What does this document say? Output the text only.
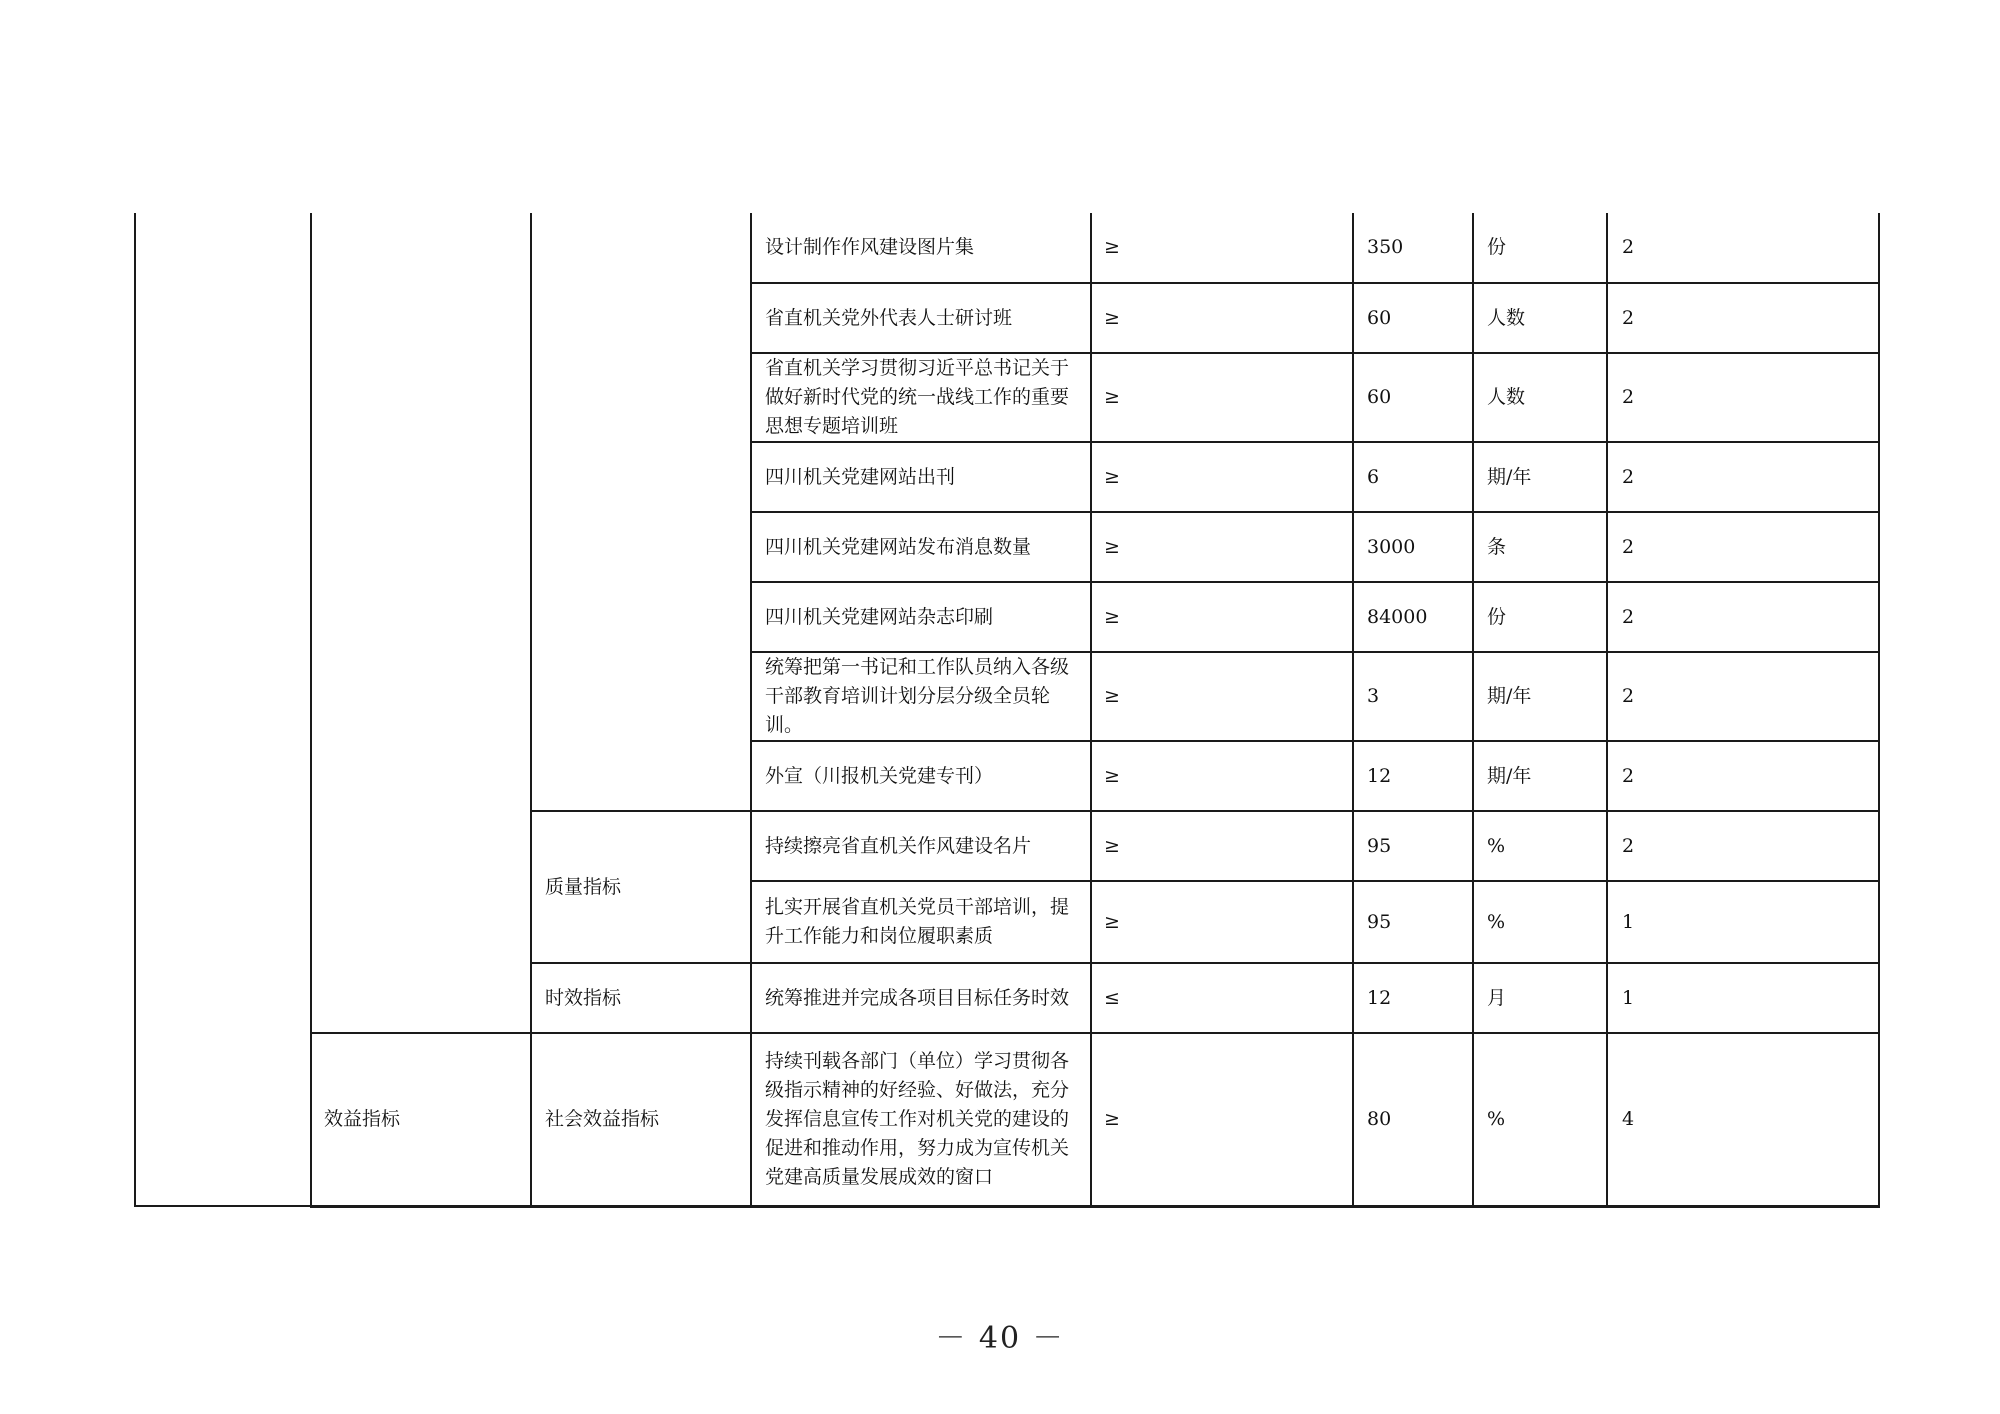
			设计制作作风建设图片集	≥	350	份	2
			省直机关党外代表人士研讨班	≥	60	人数	2
			省直机关学习贯彻习近平总书记关于做好新时代党的统一战线工作的重要思想专题培训班	≥	60	人数	2
			四川机关党建网站出刊	≥	6	期/年	2
			四川机关党建网站发布消息数量	≥	3000	条	2
			四川机关党建网站杂志印刷	≥	84000	份	2
			统筹把第一书记和工作队员纳入各级干部教育培训计划分层分级全员轮训。	≥	3	期/年	2
			外宣（川报机关党建专刊）	≥	12	期/年	2
		质量指标	持续擦亮省直机关作风建设名片	≥	95	%	2
			扎实开展省直机关党员干部培训，提升工作能力和岗位履职素质	≥	95	%	1
		时效指标	统筹推进并完成各项目目标任务时效	≤	12	月	1
	效益指标	社会效益指标	持续刊载各部门（单位）学习贯彻各级指示精神的好经验、好做法，充分发挥信息宣传工作对机关党的建设的促进和推动作用，努力成为宣传机关党建高质量发展成效的窗口	≥	80	%	4
－ 40 －
